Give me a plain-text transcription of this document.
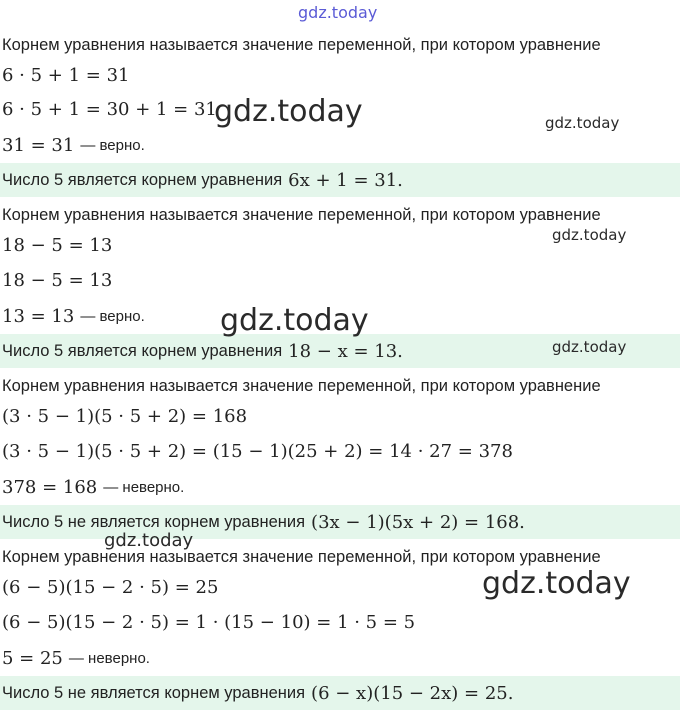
gdz.today
Корнем уравнения называется значение переменной, при котором уравнение
6 · 5 + 1 = 31
6 · 5 + 1 = 30 + 1 = 31
31 = 31 — верно.
Число 5 является корнем уравнения 6x + 1 = 31.
Корнем уравнения называется значение переменной, при котором уравнение
18 − 5 = 13
18 − 5 = 13
13 = 13 — верно.
Число 5 является корнем уравнения 18 − x = 13.
Корнем уравнения называется значение переменной, при котором уравнение
(3 · 5 − 1)(5 · 5 + 2) = 168
(3 · 5 − 1)(5 · 5 + 2) = (15 − 1)(25 + 2) = 14 · 27 = 378
378 = 168 — неверно.
Число 5 не является корнем уравнения (3x − 1)(5x + 2) = 168.
Корнем уравнения называется значение переменной, при котором уравнение
(6 − 5)(15 − 2 · 5) = 25
(6 − 5)(15 − 2 · 5) = 1 · (15 − 10) = 1 · 5 = 5
5 = 25 — неверно.
Число 5 не является корнем уравнения (6 − x)(15 − 2x) = 25.
gdz.today	gdz.today
gdz.today
gdz.today
gdz.today
gdz.today
gdz.today
